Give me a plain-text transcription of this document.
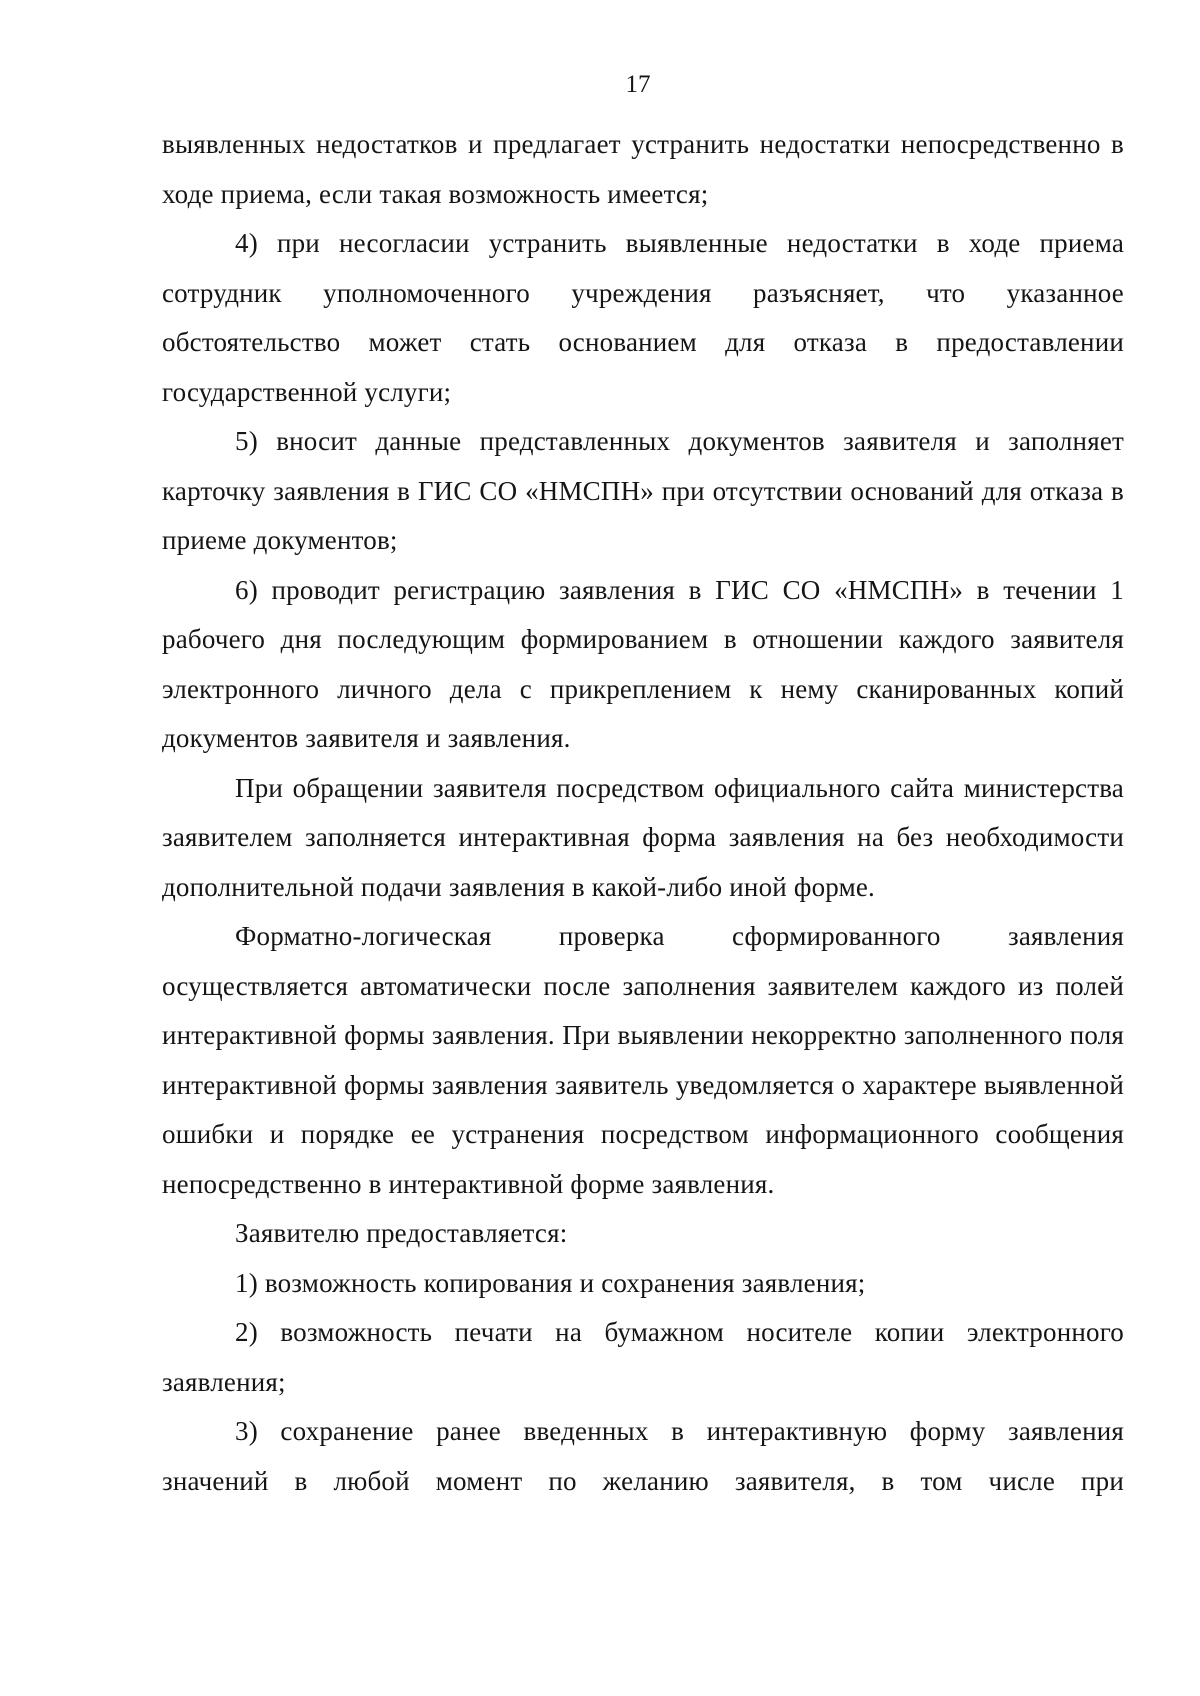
17

выявленных недостатков и предлагает устранить недостатки непосредственно в ходе приема, если такая возможность имеется;

4) при несогласии устранить выявленные недостатки в ходе приема сотрудник уполномоченного учреждения разъясняет, что указанное обстоятельство может стать основанием для отказа в предоставлении государственной услуги;

5) вносит данные представленных документов заявителя и заполняет карточку заявления в ГИС СО «НМСПН» при отсутствии оснований для отказа в приеме документов;

6) проводит регистрацию заявления в ГИС СО «НМСПН» в течении 1 рабочего дня последующим формированием в отношении каждого заявителя электронного личного дела с прикреплением к нему сканированных копий документов заявителя и заявления.

При обращении заявителя посредством официального сайта министерства заявителем заполняется интерактивная форма заявления на без необходимости дополнительной подачи заявления в какой-либо иной форме.

Форматно-логическая проверка сформированного заявления осуществляется автоматически после заполнения заявителем каждого из полей интерактивной формы заявления. При выявлении некорректно заполненного поля интерактивной формы заявления заявитель уведомляется о характере выявленной ошибки и порядке ее устранения посредством информационного сообщения непосредственно в интерактивной форме заявления.

Заявителю предоставляется:

1) возможность копирования и сохранения заявления;

2) возможность печати на бумажном носителе копии электронного заявления;

3) сохранение ранее введенных в интерактивную форму заявления значений в любой момент по желанию заявителя, в том числе при
